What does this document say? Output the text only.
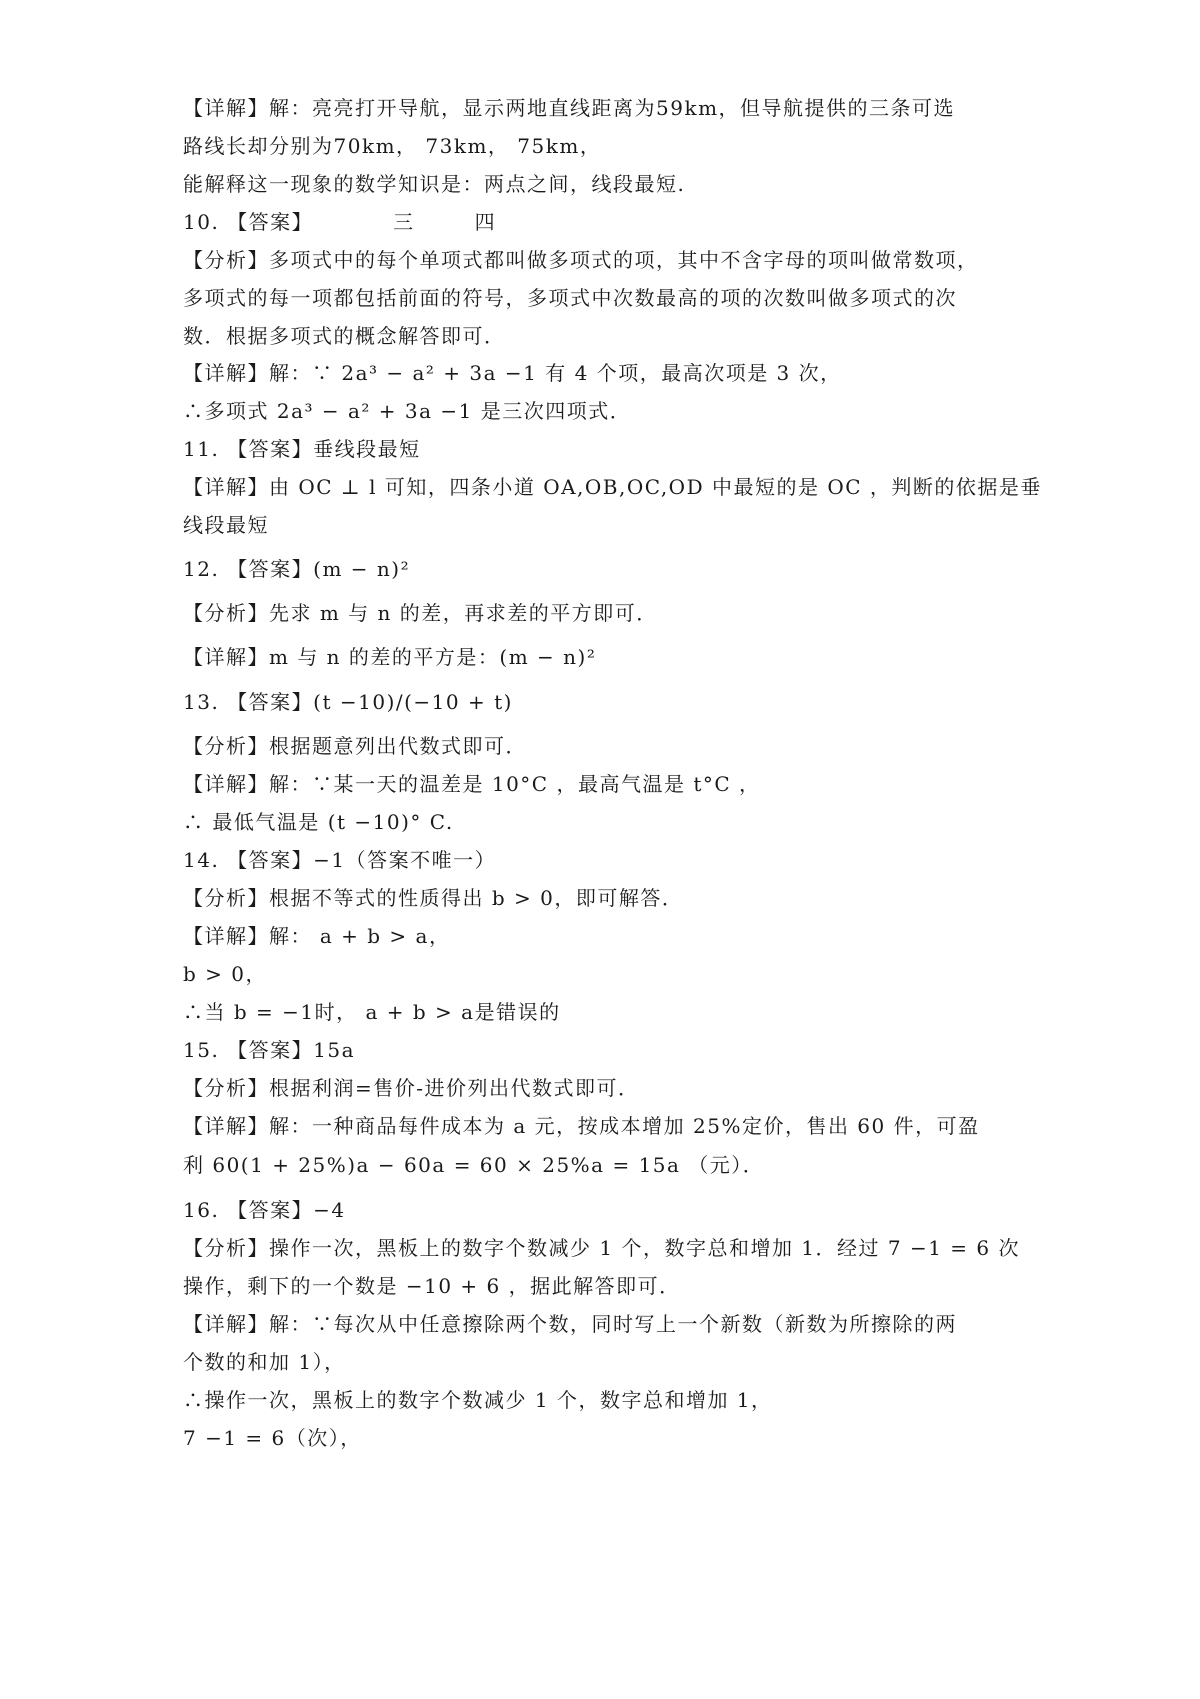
【详解】解：亮亮打开导航，显示两地直线距离为59km，但导航提供的三条可选
路线长却分别为70km， 73km， 75km，
能解释这一现象的数学知识是：两点之间，线段最短.
10. 【答案】	三	四
【分析】多项式中的每个单项式都叫做多项式的项，其中不含字母的项叫做常数项，
多项式的每一项都包括前面的符号，多项式中次数最高的项的次数叫做多项式的次
数．根据多项式的概念解答即可．
【详解】解：∵ 2a³ − a² + 3a −1 有 4 个项，最高次项是 3 次，
∴多项式 2a³ − a² + 3a −1 是三次四项式．
11. 【答案】垂线段最短
【详解】由 OC ⊥ l 可知，四条小道 OA,OB,OC,OD 中最短的是 OC ，判断的依据是垂
线段最短
12. 【答案】(m − n)²
【分析】先求 m 与 n 的差，再求差的平方即可．
【详解】m 与 n 的差的平方是：(m − n)²
13. 【答案】(t −10)/(−10 + t)
【分析】根据题意列出代数式即可．
【详解】解：∵某一天的温差是 10°C ，最高气温是 t°C ，
∴ 最低气温是 (t −10)° C.
14. 【答案】−1（答案不唯一）
【分析】根据不等式的性质得出 b > 0，即可解答．
【详解】解： a + b > a，
b > 0，
∴当 b = −1时， a + b > a是错误的
15. 【答案】15a
【分析】根据利润=售价-进价列出代数式即可．
【详解】解：一种商品每件成本为 a 元，按成本增加 25%定价，售出 60 件，可盈
利 60(1 + 25%)a − 60a = 60 × 25%a = 15a （元）．
16. 【答案】−4
【分析】操作一次，黑板上的数字个数减少 1 个，数字总和增加 1．经过 7 −1 = 6 次
操作，剩下的一个数是 −10 + 6 ，据此解答即可．
【详解】解：∵每次从中任意擦除两个数，同时写上一个新数（新数为所擦除的两
个数的和加 1），
∴操作一次，黑板上的数字个数减少 1 个，数字总和增加 1，
7 −1 = 6（次），
